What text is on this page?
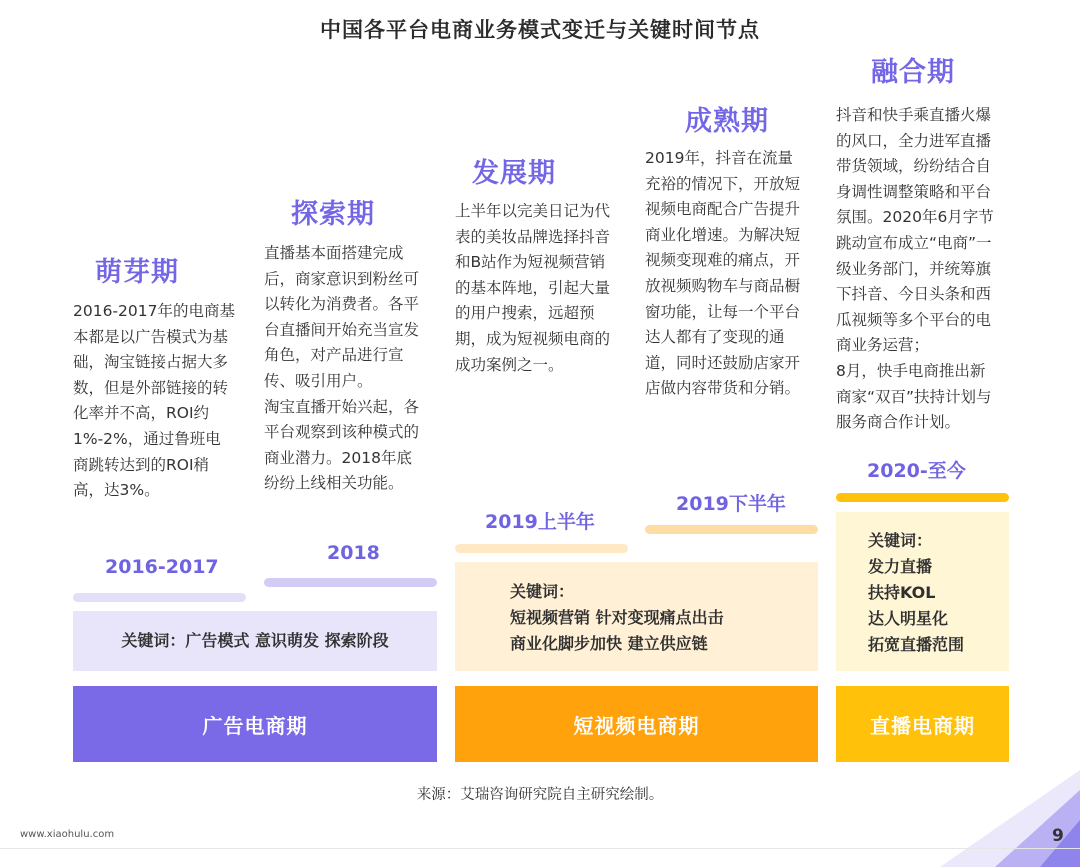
中国各平台电商业务模式变迁与关键时间节点
萌芽期
2016-2017年的电商基
本都是以广告模式为基
础，淘宝链接占据大多
数，但是外部链接的转
化率并不高，ROI约
1%-2%，通过鲁班电
商跳转达到的ROI稍
高，达3%。
2016-2017
探索期
直播基本面搭建完成
后，商家意识到粉丝可
以转化为消费者。各平
台直播间开始充当宣发
角色，对产品进行宣
传、吸引用户。
淘宝直播开始兴起，各
平台观察到该种模式的
商业潜力。2018年底
纷纷上线相关功能。
2018
发展期
上半年以完美日记为代
表的美妆品牌选择抖音
和B站作为短视频营销
的基本阵地，引起大量
的用户搜索，远超预
期，成为短视频电商的
成功案例之一。
2019上半年
成熟期
2019年，抖音在流量
充裕的情况下，开放短
视频电商配合广告提升
商业化增速。为解决短
视频变现难的痛点，开
放视频购物车与商品橱
窗功能，让每一个平台
达人都有了变现的通
道，同时还鼓励店家开
店做内容带货和分销。
2019下半年
融合期
抖音和快手乘直播火爆
的风口，全力进军直播
带货领域，纷纷结合自
身调性调整策略和平台
氛围。2020年6月字节
跳动宣布成立“电商”一
级业务部门，并统筹旗
下抖音、今日头条和西
瓜视频等多个平台的电
商业务运营；
8月，快手电商推出新
商家“双百”扶持计划与
服务商合作计划。
2020-至今
关键词：广告模式 意识萌发 探索阶段
关键词：
短视频营销 针对变现痛点出击
商业化脚步加快 建立供应链
关键词：
发力直播
扶持KOL
达人明星化
拓宽直播范围
广告电商期	短视频电商期	直播电商期
来源：艾瑞咨询研究院自主研究绘制。
www.xiaohulu.com	9
